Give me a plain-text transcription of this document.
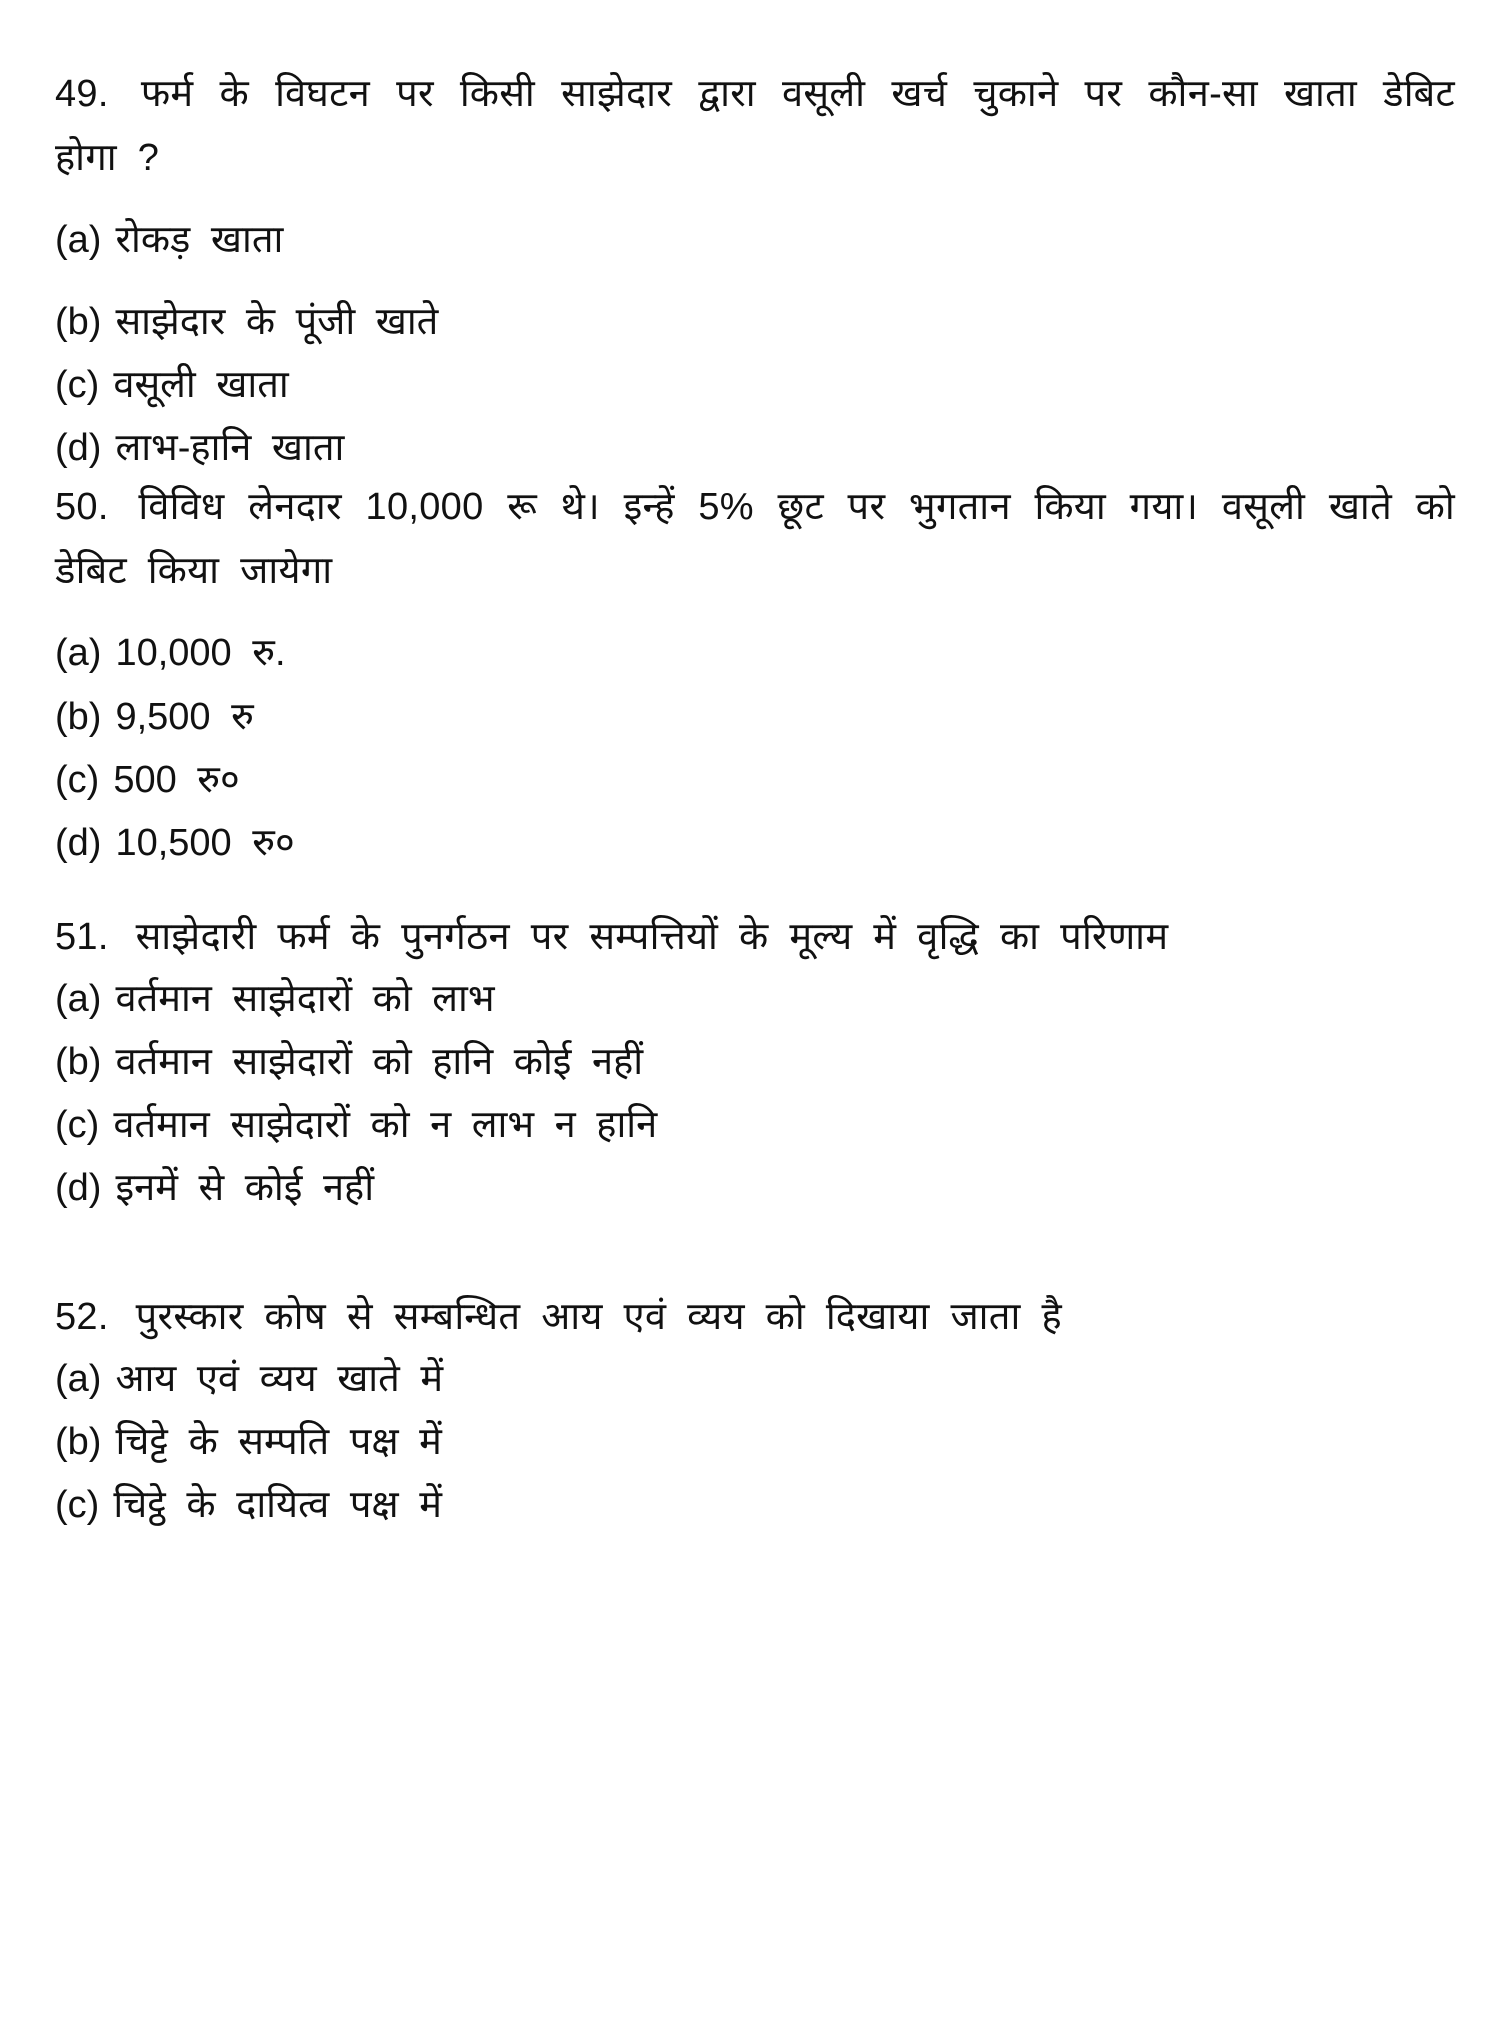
49. फर्म के विघटन पर किसी साझेदार द्वारा वसूली खर्च चुकाने पर कौन-सा खाता डेबिट होगा ?

(a) रोकड़ खाता
(b) साझेदार के पूंजी खाते
(c) वसूली खाता
(d) लाभ-हानि खाता

50. विविध लेनदार 10,000 रू थे। इन्हें 5% छूट पर भुगतान किया गया। वसूली खाते को डेबिट किया जायेगा

(a) 10,000 रु.
(b) 9,500 रु
(c) 500 रु०
(d) 10,500 रु०

51. साझेदारी फर्म के पुनर्गठन पर सम्पत्तियों के मूल्य में वृद्धि का परिणाम

(a) वर्तमान साझेदारों को लाभ
(b) वर्तमान साझेदारों को हानि कोई नहीं
(c) वर्तमान साझेदारों को न लाभ न हानि
(d) इनमें से कोई नहीं

52. पुरस्कार कोष से सम्बन्धित आय एवं व्यय को दिखाया जाता है

(a) आय एवं व्यय खाते में
(b) चिट्टे के सम्पति पक्ष में
(c) चिट्ठे के दायित्व पक्ष में
